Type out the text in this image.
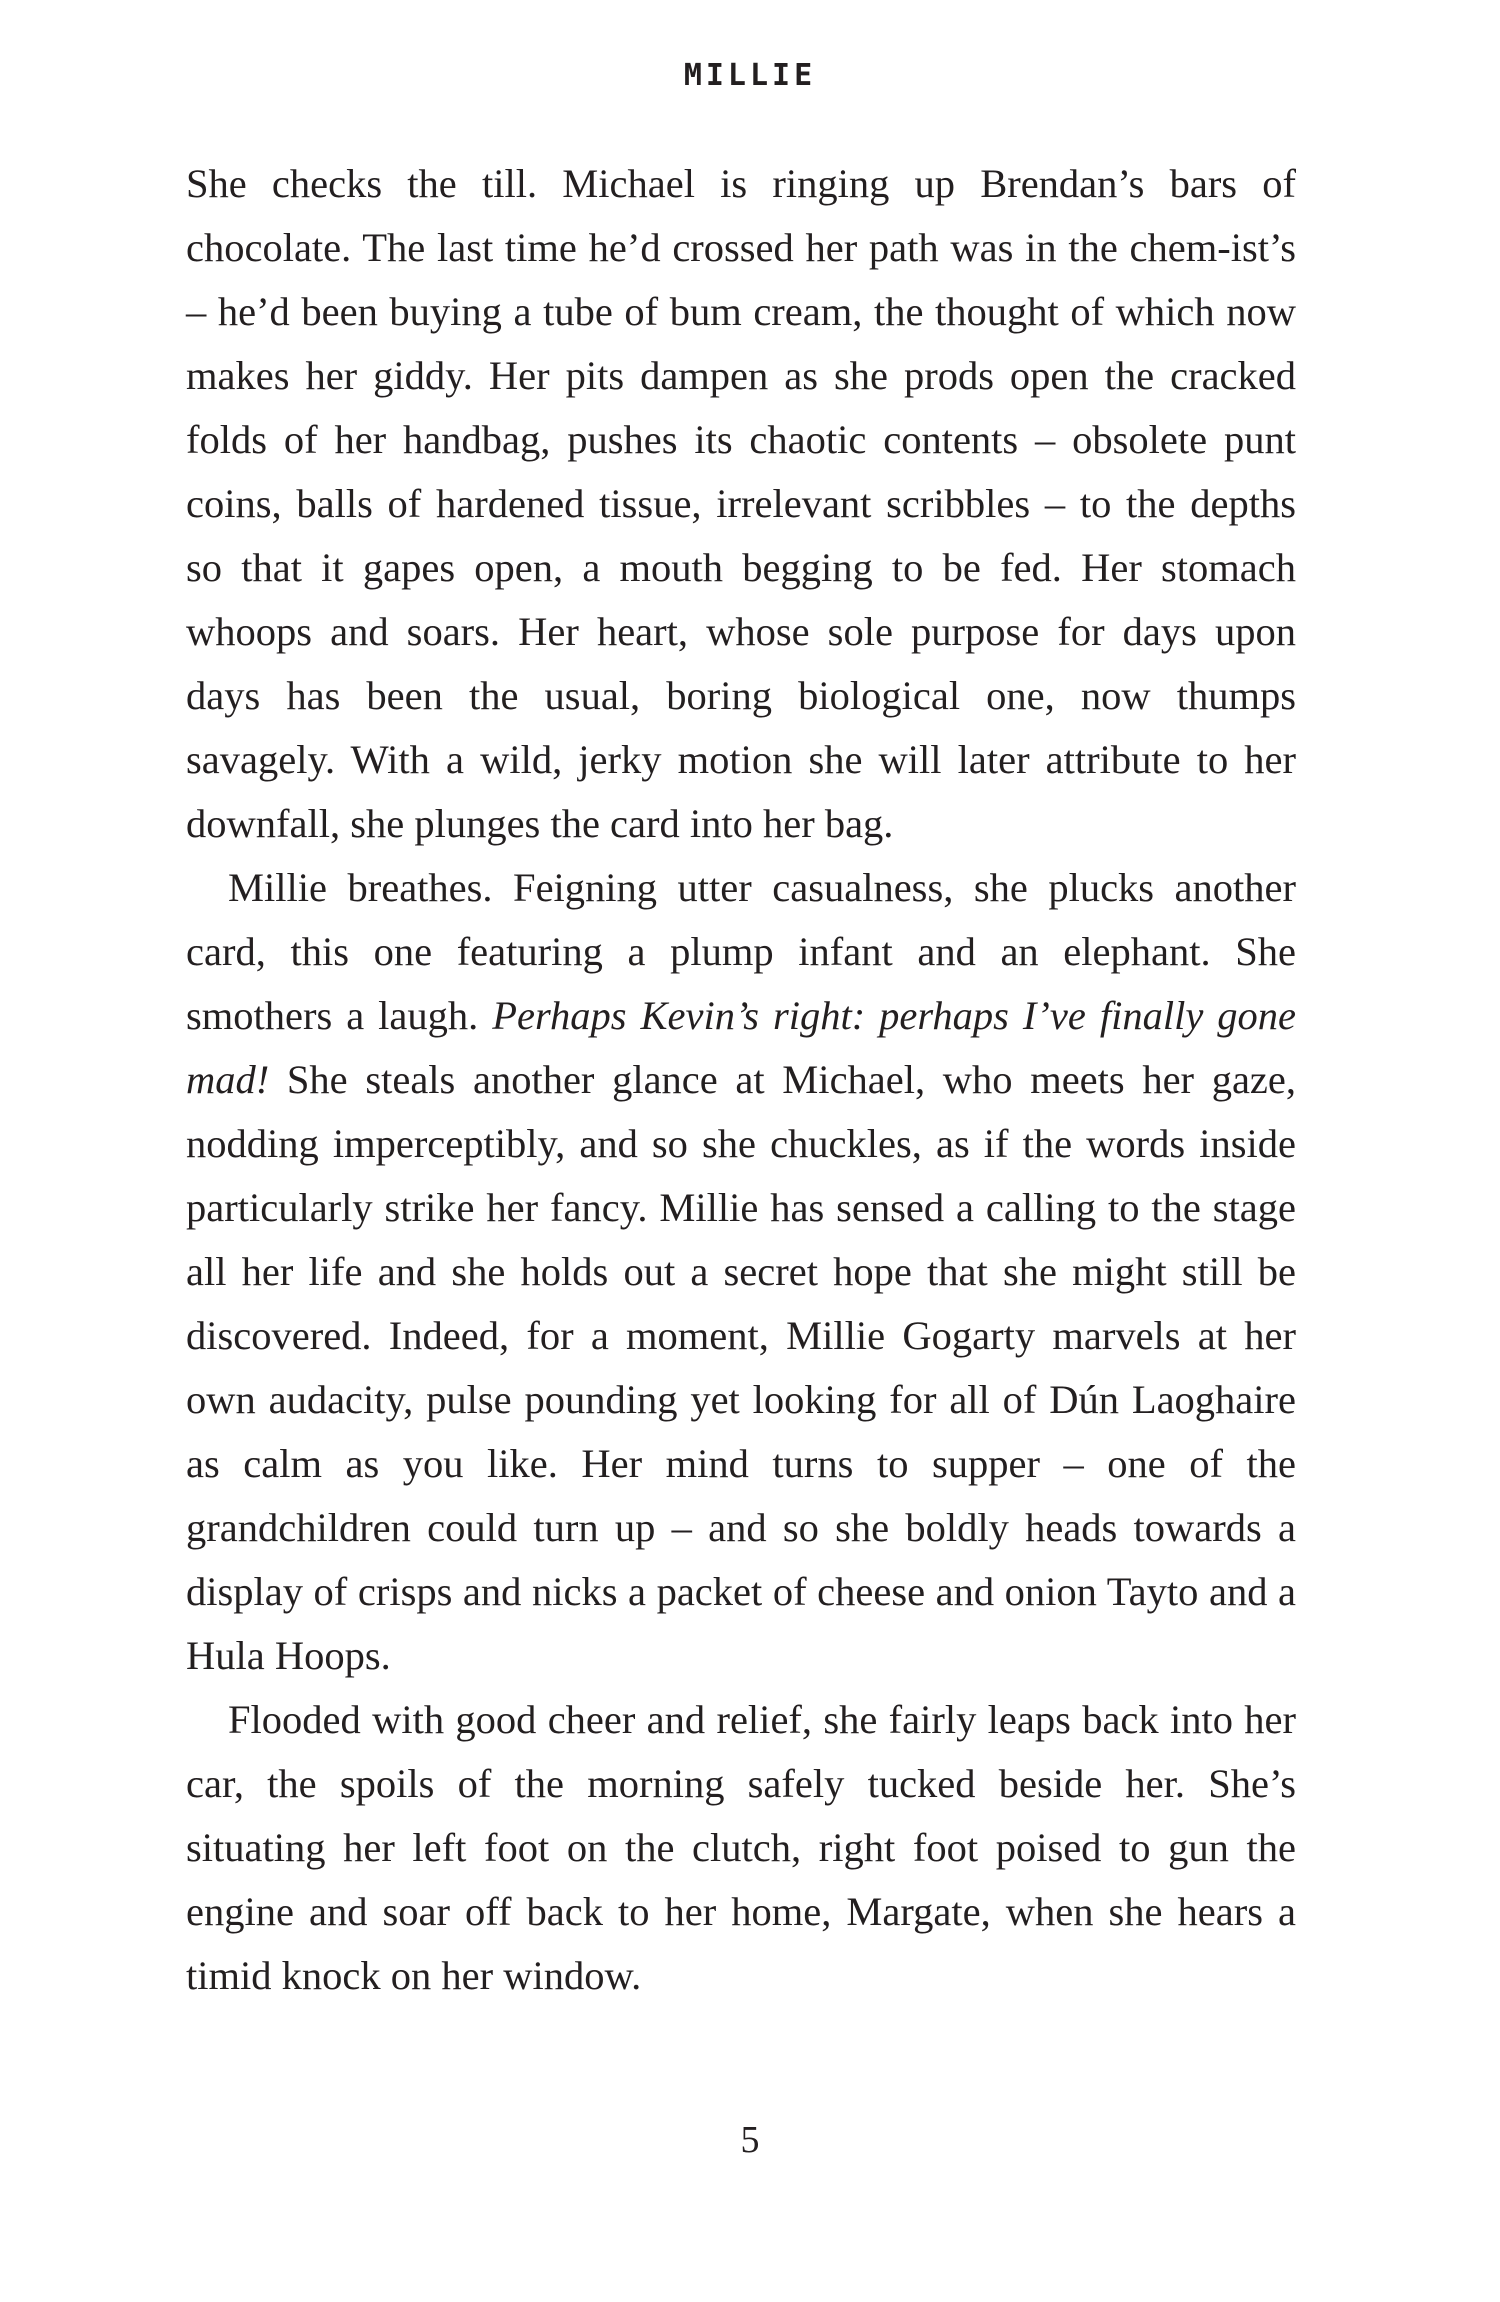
MILLIE

She checks the till. Michael is ringing up Brendan’s bars of chocolate. The last time he’d crossed her path was in the chem-ist’s – he’d been buying a tube of bum cream, the thought of which now makes her giddy. Her pits dampen as she prods open the cracked folds of her handbag, pushes its chaotic contents – obsolete punt coins, balls of hardened tissue, irrelevant scribbles – to the depths so that it gapes open, a mouth begging to be fed. Her stomach whoops and soars. Her heart, whose sole purpose for days upon days has been the usual, boring biological one, now thumps savagely. With a wild, jerky motion she will later attribute to her downfall, she plunges the card into her bag.

Millie breathes. Feigning utter casualness, she plucks another card, this one featuring a plump infant and an elephant. She smothers a laugh. Perhaps Kevin’s right: perhaps I’ve finally gone mad! She steals another glance at Michael, who meets her gaze, nodding imperceptibly, and so she chuckles, as if the words inside particularly strike her fancy. Millie has sensed a calling to the stage all her life and she holds out a secret hope that she might still be discovered. Indeed, for a moment, Millie Gogarty marvels at her own audacity, pulse pounding yet looking for all of Dún Laoghaire as calm as you like. Her mind turns to supper – one of the grandchildren could turn up – and so she boldly heads towards a display of crisps and nicks a packet of cheese and onion Tayto and a Hula Hoops.

Flooded with good cheer and relief, she fairly leaps back into her car, the spoils of the morning safely tucked beside her. She’s situating her left foot on the clutch, right foot poised to gun the engine and soar off back to her home, Margate, when she hears a timid knock on her window.

5
